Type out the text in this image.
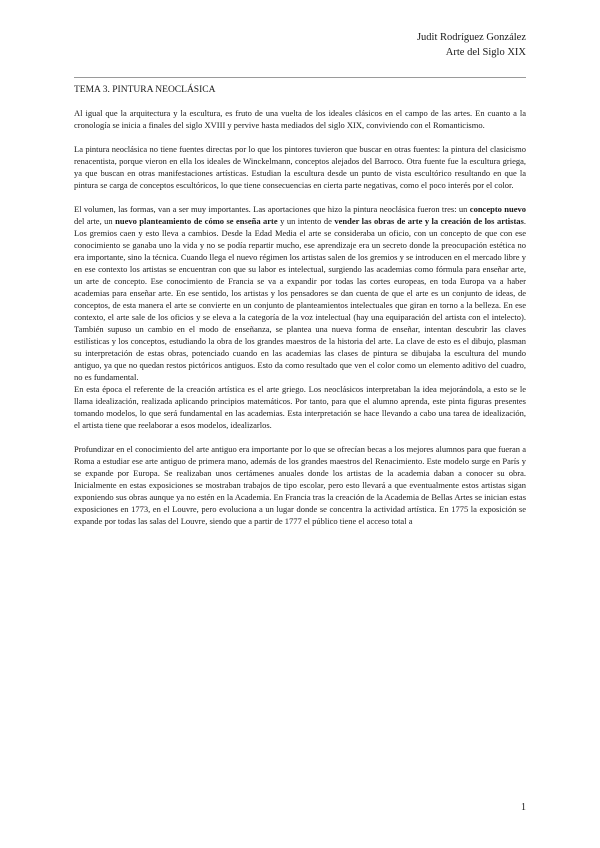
Judit Rodríguez González
Arte del Siglo XIX
TEMA 3. PINTURA NEOCLÁSICA

Al igual que la arquitectura y la escultura, es fruto de una vuelta de los ideales clásicos en el campo de las artes. En cuanto a la cronología se inicia a finales del siglo XVIII y pervive hasta mediados del siglo XIX, conviviendo con el Romanticismo.

La pintura neoclásica no tiene fuentes directas por lo que los pintores tuvieron que buscar en otras fuentes: la pintura del clasicismo renacentista, porque vieron en ella los ideales de Winckelmann, conceptos alejados del Barroco. Otra fuente fue la escultura griega, ya que buscan en otras manifestaciones artísticas. Estudian la escultura desde un punto de vista escultórico resultando en que la pintura se carga de conceptos escultóricos, lo que tiene consecuencias en cierta parte negativas, como el poco interés por el color.

El volumen, las formas, van a ser muy importantes. Las aportaciones que hizo la pintura neoclásica fueron tres: un concepto nuevo del arte, un nuevo planteamiento de cómo se enseña arte y un intento de vender las obras de arte y la creación de los artistas. Los gremios caen y esto lleva a cambios. Desde la Edad Media el arte se consideraba un oficio, con un concepto de que con ese conocimiento se ganaba uno la vida y no se podía repartir mucho, ese aprendizaje era un secreto donde la preocupación estética no era importante, sino la técnica. Cuando llega el nuevo régimen los artistas salen de los gremios y se introducen en el mercado libre y en ese contexto los artistas se encuentran con que su labor es intelectual, surgiendo las academias como fórmula para enseñar arte, un arte de concepto. Ese conocimiento de Francia se va a expandir por todas las cortes europeas, en toda Europa va a haber academias para enseñar arte. En ese sentido, los artistas y los pensadores se dan cuenta de que el arte es un conjunto de ideas, de conceptos, de esta manera el arte se convierte en un conjunto de planteamientos intelectuales que giran en torno a la belleza. En ese contexto, el arte sale de los oficios y se eleva a la categoría de la voz intelectual (hay una equiparación del artista con el intelecto). También supuso un cambio en el modo de enseñanza, se plantea una nueva forma de enseñar, intentan descubrir las claves estilísticas y los conceptos, estudiando la obra de los grandes maestros de la historia del arte. La clave de esto es el dibujo, plasman su interpretación de estas obras, potenciado cuando en las academias las clases de pintura se dibujaba la escultura del mundo antiguo, ya que no quedan restos pictóricos antiguos. Esto da como resultado que ven el color como un elemento aditivo del cuadro, no es fundamental.

En esta época el referente de la creación artística es el arte griego. Los neoclásicos interpretaban la idea mejorándola, a esto se le llama idealización, realizada aplicando principios matemáticos. Por tanto, para que el alumno aprenda, este pinta figuras presentes tomando modelos, lo que será fundamental en las academias. Esta interpretación se hace llevando a cabo una tarea de idealización, el artista tiene que reelaborar a esos modelos, idealizarlos.

Profundizar en el conocimiento del arte antiguo era importante por lo que se ofrecían becas a los mejores alumnos para que fueran a Roma a estudiar ese arte antiguo de primera mano, además de los grandes maestros del Renacimiento. Este modelo surge en París y se expande por Europa. Se realizaban unos certámenes anuales donde los artistas de la academia daban a conocer su obra. Inicialmente en estas exposiciones se mostraban trabajos de tipo escolar, pero esto llevará a que eventualmente estos artistas sigan exponiendo sus obras aunque ya no estén en la Academia. En Francia tras la creación de la Academia de Bellas Artes se inician estas exposiciones en 1773, en el Louvre, pero evoluciona a un lugar donde se concentra la actividad artística. En 1775 la exposición se expande por todas las salas del Louvre, siendo que a partir de 1777 el público tiene el acceso total a

1
